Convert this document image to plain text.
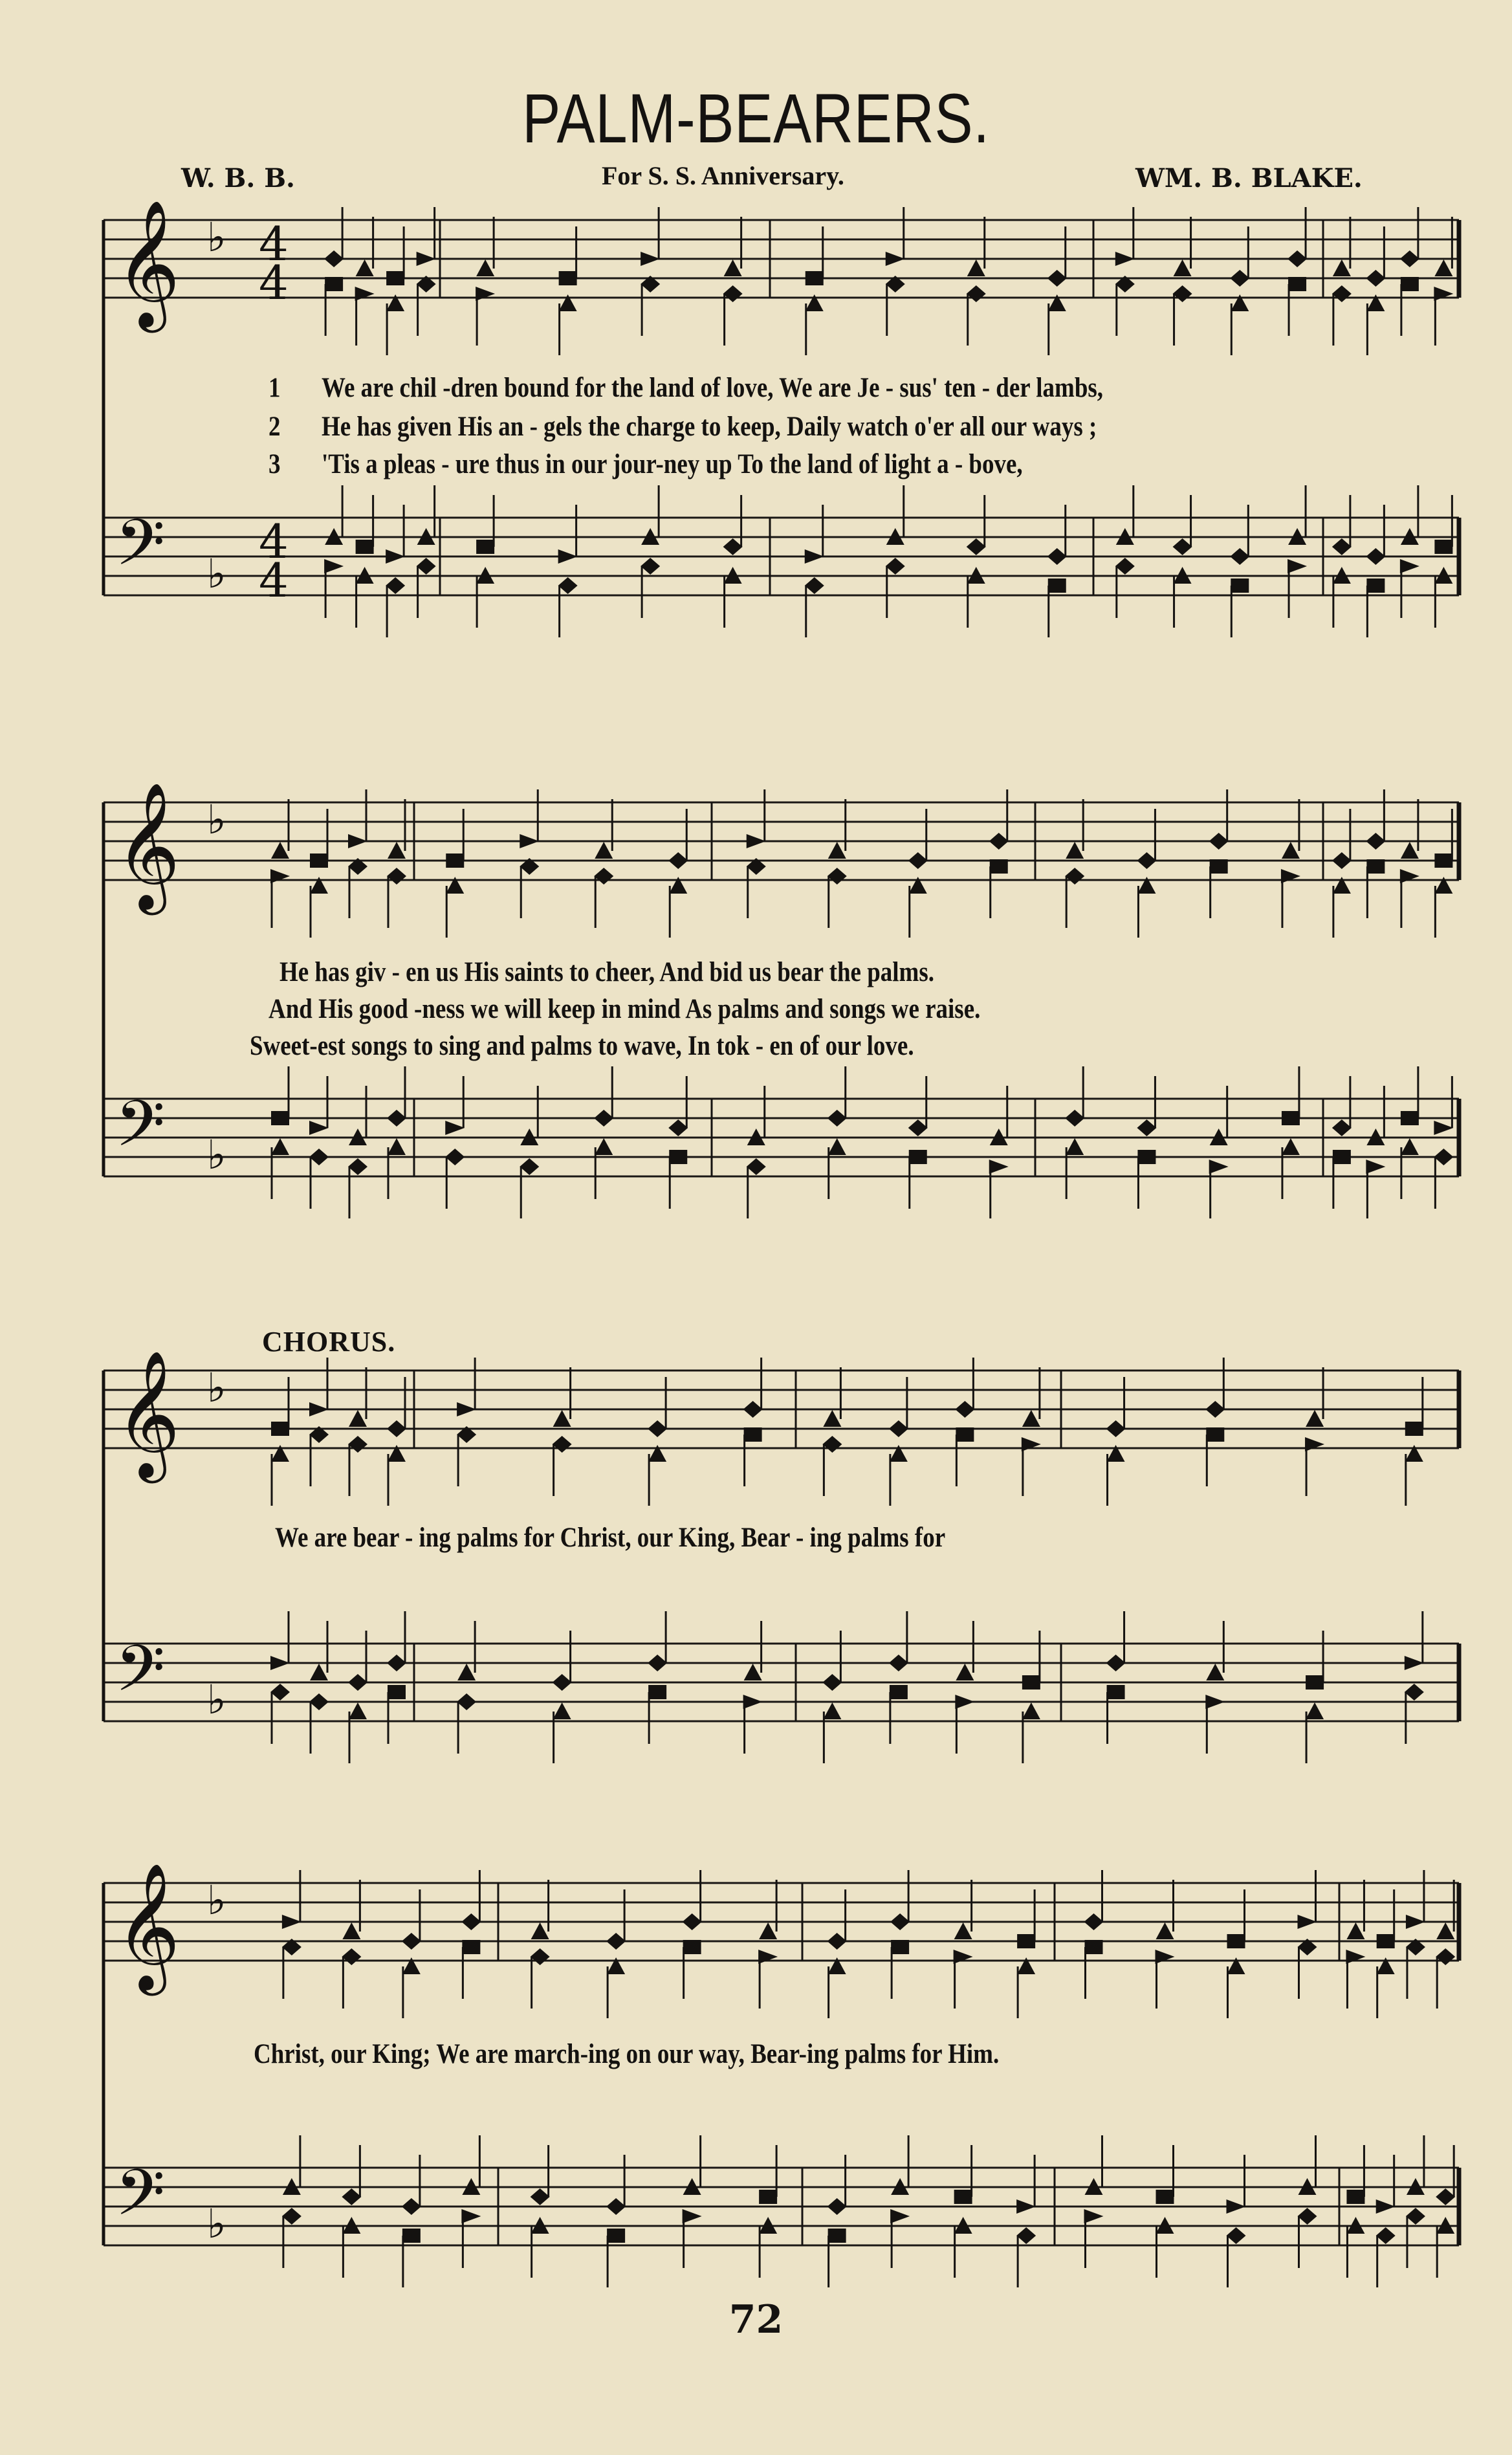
PALM-BEARERS.
W. B. B.	For S. S. Anniversary.	WM. B. BLAKE.
𝄞
𝄢
♭
♭
4
4
4
4
𝄞
𝄢
♭
♭
𝄞
𝄢
♭
♭
𝄞
𝄢
♭
♭
CHORUS.
1 We are chil -dren bound for the land of love, We are Je - sus' ten - der lambs,
2 He has given His an - gels the charge to keep, Daily watch o'er all our ways ;
3 'Tis a pleas - ure thus in our jour-ney up To the land of light a - bove,
He has giv - en us His saints to cheer, And bid us bear the palms.
And His good -ness we will keep in mind As palms and songs we raise.
Sweet-est songs to sing and palms to wave, In tok - en of our love.
We are bear - ing palms for Christ, our King, Bear - ing palms for
Christ, our King; We are march-ing on our way, Bear-ing palms for Him.
72
